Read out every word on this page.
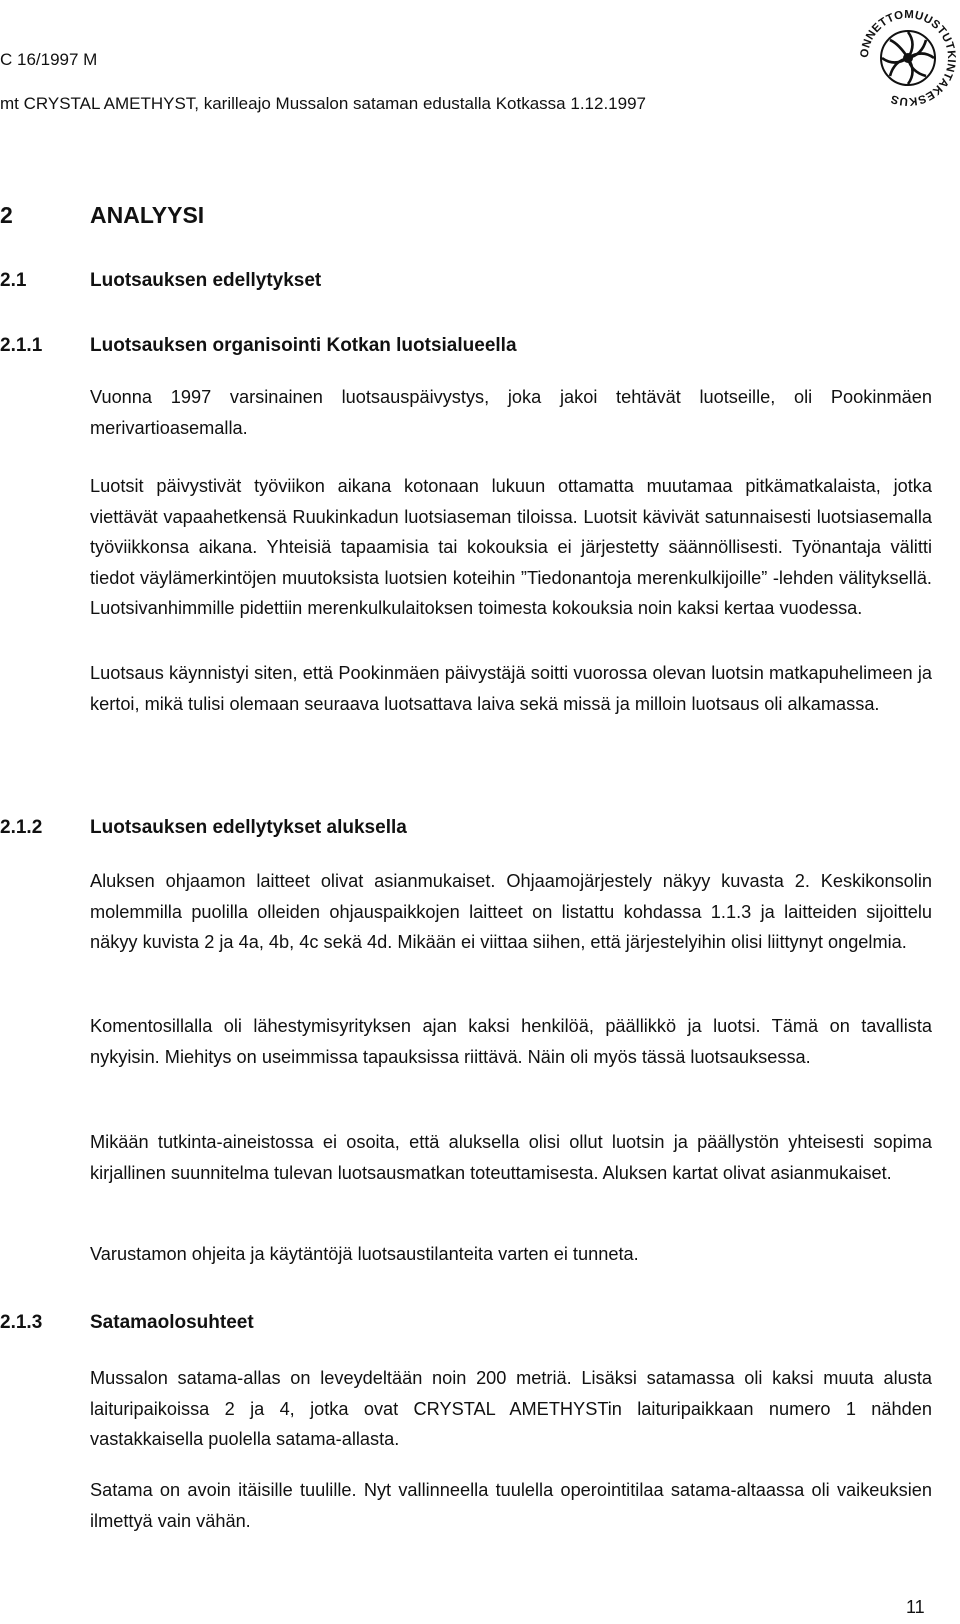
C 16/1997 M
mt CRYSTAL AMETHYST, karilleajo Mussalon sataman edustalla Kotkassa 1.12.1997
ONNETTOMUUSTUTKINTAKESKUS
2	ANALYYSI
2.1	Luotsauksen edellytykset
2.1.1	Luotsauksen organisointi Kotkan luotsialueella

Vuonna 1997 varsinainen luotsauspäivystys, joka jakoi tehtävät luotseille, oli Pookinmäen merivartioasemalla.

Luotsit päivystivät työviikon aikana kotonaan lukuun ottamatta muutamaa pitkämatkalaista, jotka viettävät vapaahetkensä Ruukinkadun luotsiaseman tiloissa. Luotsit kävivät satunnaisesti luotsiasemalla työviikkonsa aikana. Yhteisiä tapaamisia tai kokouksia ei järjestetty säännöllisesti. Työnantaja välitti tiedot väylämerkintöjen muutoksista luotsien koteihin ”Tiedonantoja merenkulkijoille” -lehden välityksellä. Luotsivanhimmille pidettiin merenkulkulaitoksen toimesta kokouksia noin kaksi kertaa vuodessa.

Luotsaus käynnistyi siten, että Pookinmäen päivystäjä soitti vuorossa olevan luotsin matkapuhelimeen ja kertoi, mikä tulisi olemaan seuraava luotsattava laiva sekä missä ja milloin luotsaus oli alkamassa.

2.1.2	Luotsauksen edellytykset aluksella

Aluksen ohjaamon laitteet olivat asianmukaiset. Ohjaamojärjestely näkyy kuvasta 2. Keskikonsolin molemmilla puolilla olleiden ohjauspaikkojen laitteet on listattu kohdassa 1.1.3 ja laitteiden sijoittelu näkyy kuvista 2 ja 4a, 4b, 4c sekä 4d. Mikään ei viittaa siihen, että järjestelyihin olisi liittynyt ongelmia.

Komentosillalla oli lähestymisyrityksen ajan kaksi henkilöä, päällikkö ja luotsi. Tämä on tavallista nykyisin. Miehitys on useimmissa tapauksissa riittävä. Näin oli myös tässä luotsauksessa.

Mikään tutkinta-aineistossa ei osoita, että aluksella olisi ollut luotsin ja päällystön yhteisesti sopima kirjallinen suunnitelma tulevan luotsausmatkan toteuttamisesta. Aluksen kartat olivat asianmukaiset.

Varustamon ohjeita ja käytäntöjä luotsaustilanteita varten ei tunneta.

2.1.3	Satamaolosuhteet

Mussalon satama-allas on leveydeltään noin 200 metriä. Lisäksi satamassa oli kaksi muuta alusta laituripaikoissa 2 ja 4, jotka ovat CRYSTAL AMETHYSTin laituripaikkaan numero 1 nähden vastakkaisella puolella satama-allasta.

Satama on avoin itäisille tuulille. Nyt vallinneella tuulella operointitilaa satama-altaassa oli vaikeuksien ilmettyä vain vähän.

11
